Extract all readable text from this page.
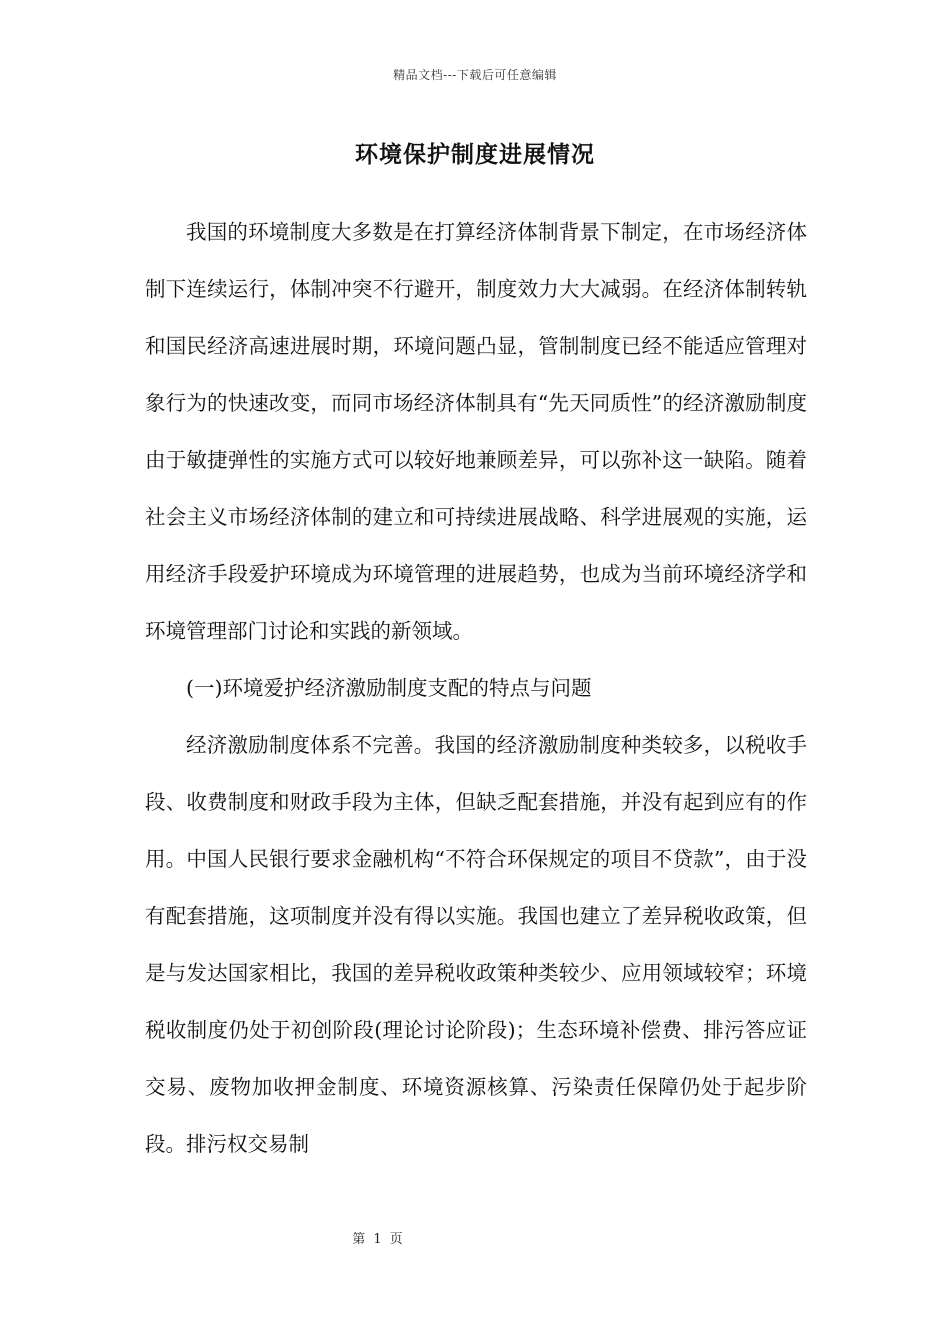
精品文档---下载后可任意编辑
环境保护制度进展情况

我国的环境制度大多数是在打算经济体制背景下制定，在市场经济体制下连续运行，体制冲突不行避开，制度效力大大减弱。在经济体制转轨和国民经济高速进展时期，环境问题凸显，管制制度已经不能适应管理对象行为的快速改变，而同市场经济体制具有“先天同质性”的经济激励制度由于敏捷弹性的实施方式可以较好地兼顾差异，可以弥补这一缺陷。随着社会主义市场经济体制的建立和可持续进展战略、科学进展观的实施，运用经济手段爱护环境成为环境管理的进展趋势，也成为当前环境经济学和环境管理部门讨论和实践的新领域。

(一)环境爱护经济激励制度支配的特点与问题

经济激励制度体系不完善。我国的经济激励制度种类较多，以税收手段、收费制度和财政手段为主体，但缺乏配套措施，并没有起到应有的作用。中国人民银行要求金融机构“不符合环保规定的项目不贷款”，由于没有配套措施，这项制度并没有得以实施。我国也建立了差异税收政策，但是与发达国家相比，我国的差异税收政策种类较少、应用领域较窄；环境税收制度仍处于初创阶段(理论讨论阶段)；生态环境补偿费、排污答应证交易、废物加收押金制度、环境资源核算、污染责任保障仍处于起步阶段。排污权交易制

第 1 页
